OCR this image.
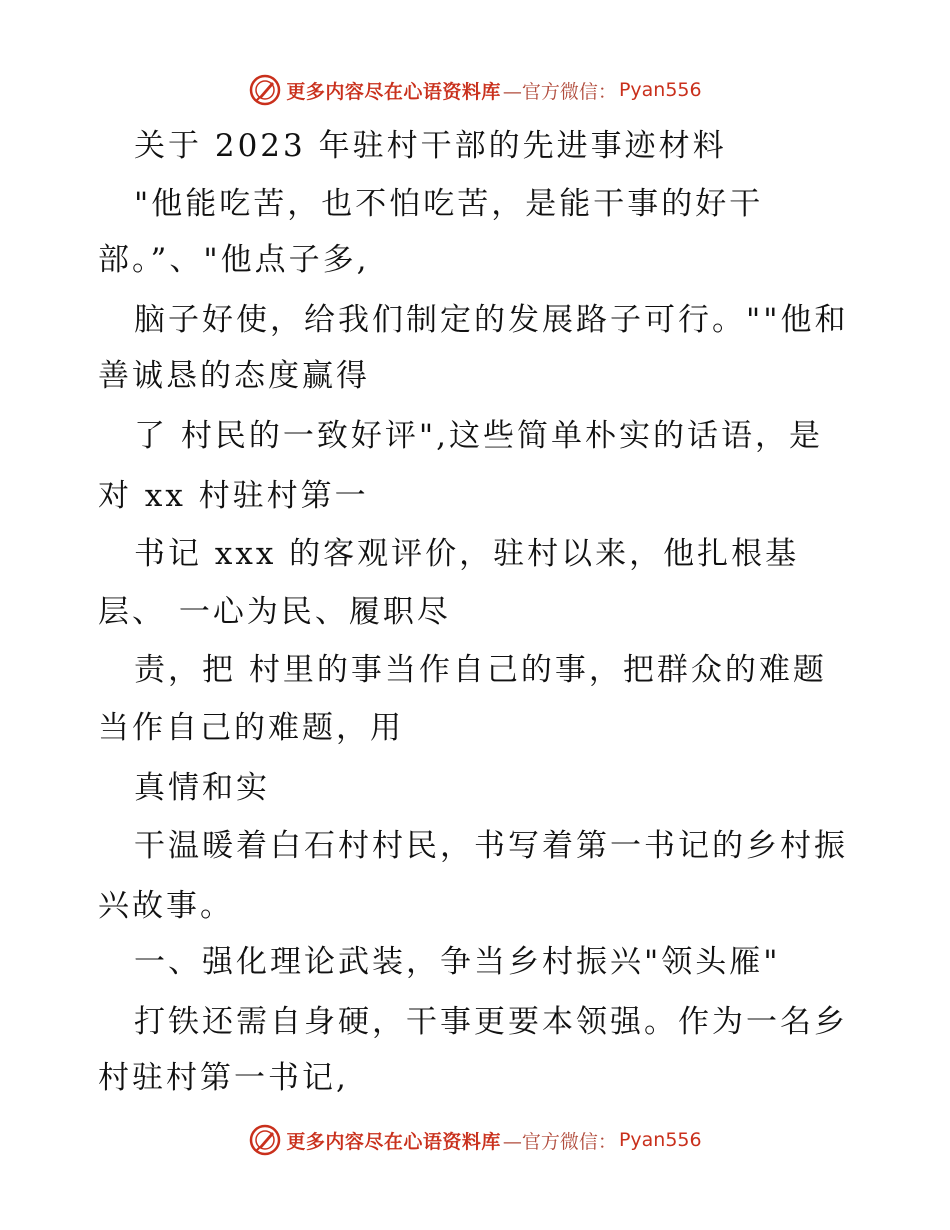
更多内容尽在心语资料库 —官方微信： Pyan556
关于 2023 年驻村干部的先进事迹材料
"他能吃苦，也不怕吃苦，是能干事的好干
部。”、"他点子多,
脑子好使，给我们制定的发展路子可行。""他和
善诚恳的态度赢得
了 村民的一致好评",这些简单朴实的话语，是
对 xx 村驻村第一
书记 xxx 的客观评价，驻村以来，他扎根基
层、 一心为民、履职尽
责，把 村里的事当作自己的事，把群众的难题
当作自己的难题，用
真情和实
干温暖着白石村村民，书写着第一书记的乡村振
兴故事。
一、强化理论武装，争当乡村振兴"领头雁"
打铁还需自身硬，干事更要本领强。作为一名乡
村驻村第一书记,
更多内容尽在心语资料库 —官方微信： Pyan556
